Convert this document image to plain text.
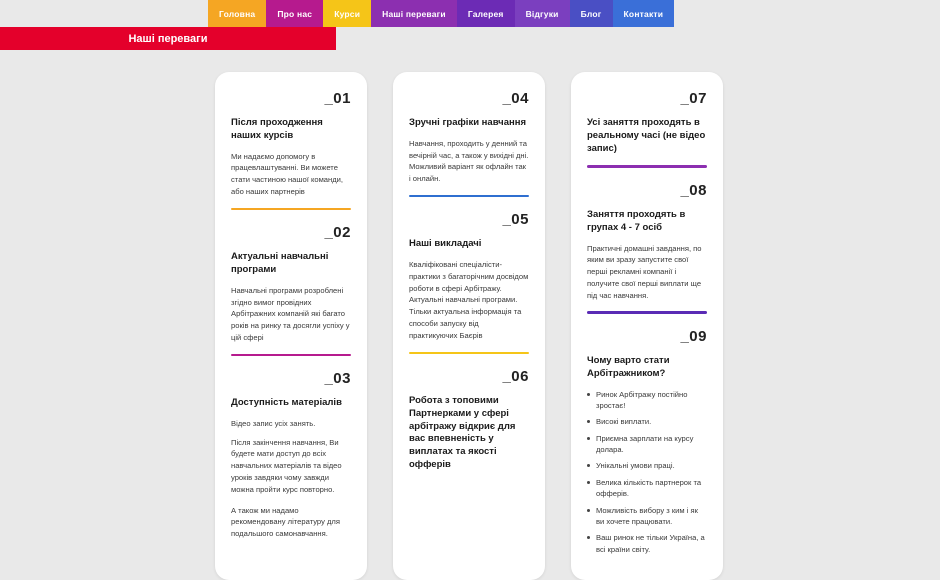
Головна	Про нас	Курси	Наші переваги	Галерея	Відгуки	Блог	Контакти
Наші переваги
_01
Після проходження наших курсів
Ми надаємо допомогу в працевлаштуванні. Ви можете стати частиною нашої команди, або наших партнерів
_02
Актуальні навчальні програми
Навчальні програми розроблені згідно вимог провідних Арбітражних компаній які багато років на ринку та досягли успіху у цій сфері
_03
Доступність матеріалів
Відео запис усіх занять.
Після закінчення навчання, Ви будете мати доступ до всіх навчальних матеріалів та відео уроків завдяки чому завжди можна пройти курс повторно.
А також ми надамо рекомендовану літературу для подальшого самонавчання.
_04
Зручні графіки навчання
Навчання, проходить у денний та вечірній час, а також у вихідні дні. Можливий варіант як офлайн так і онлайн.
_05
Наші викладачі
Кваліфіковані спеціалісти-практики з багаторічним досвідом роботи в сфері Арбітражу. Актуальні навчальні програми. Тільки актуальна інформація та способи запуску від практикуючих Баєрів
_06
Робота з топовими Партнерками у сфері арбітражу відкриє для вас впевненість у виплатах та якості офферів
_07
Усі заняття проходять в реальному часі (не відео запис)
_08
Заняття проходять в групах 4 - 7 осіб
Практичні домашні завдання, по яким ви зразу запустите свої перші рекламні компанії і получите свої перші виплати ще під час навчання.
_09
Чому варто стати Арбітражником?
Ринок Арбітражу постійно зростає!
Високі виплати.
Приємна зарплати на курсу долара.
Унікальні умови праці.
Велика кількість партнерок та офферів.
Можливість вибору з ким і як ви хочете працювати.
Ваш ринок не тільки Україна, а всі країни світу.
